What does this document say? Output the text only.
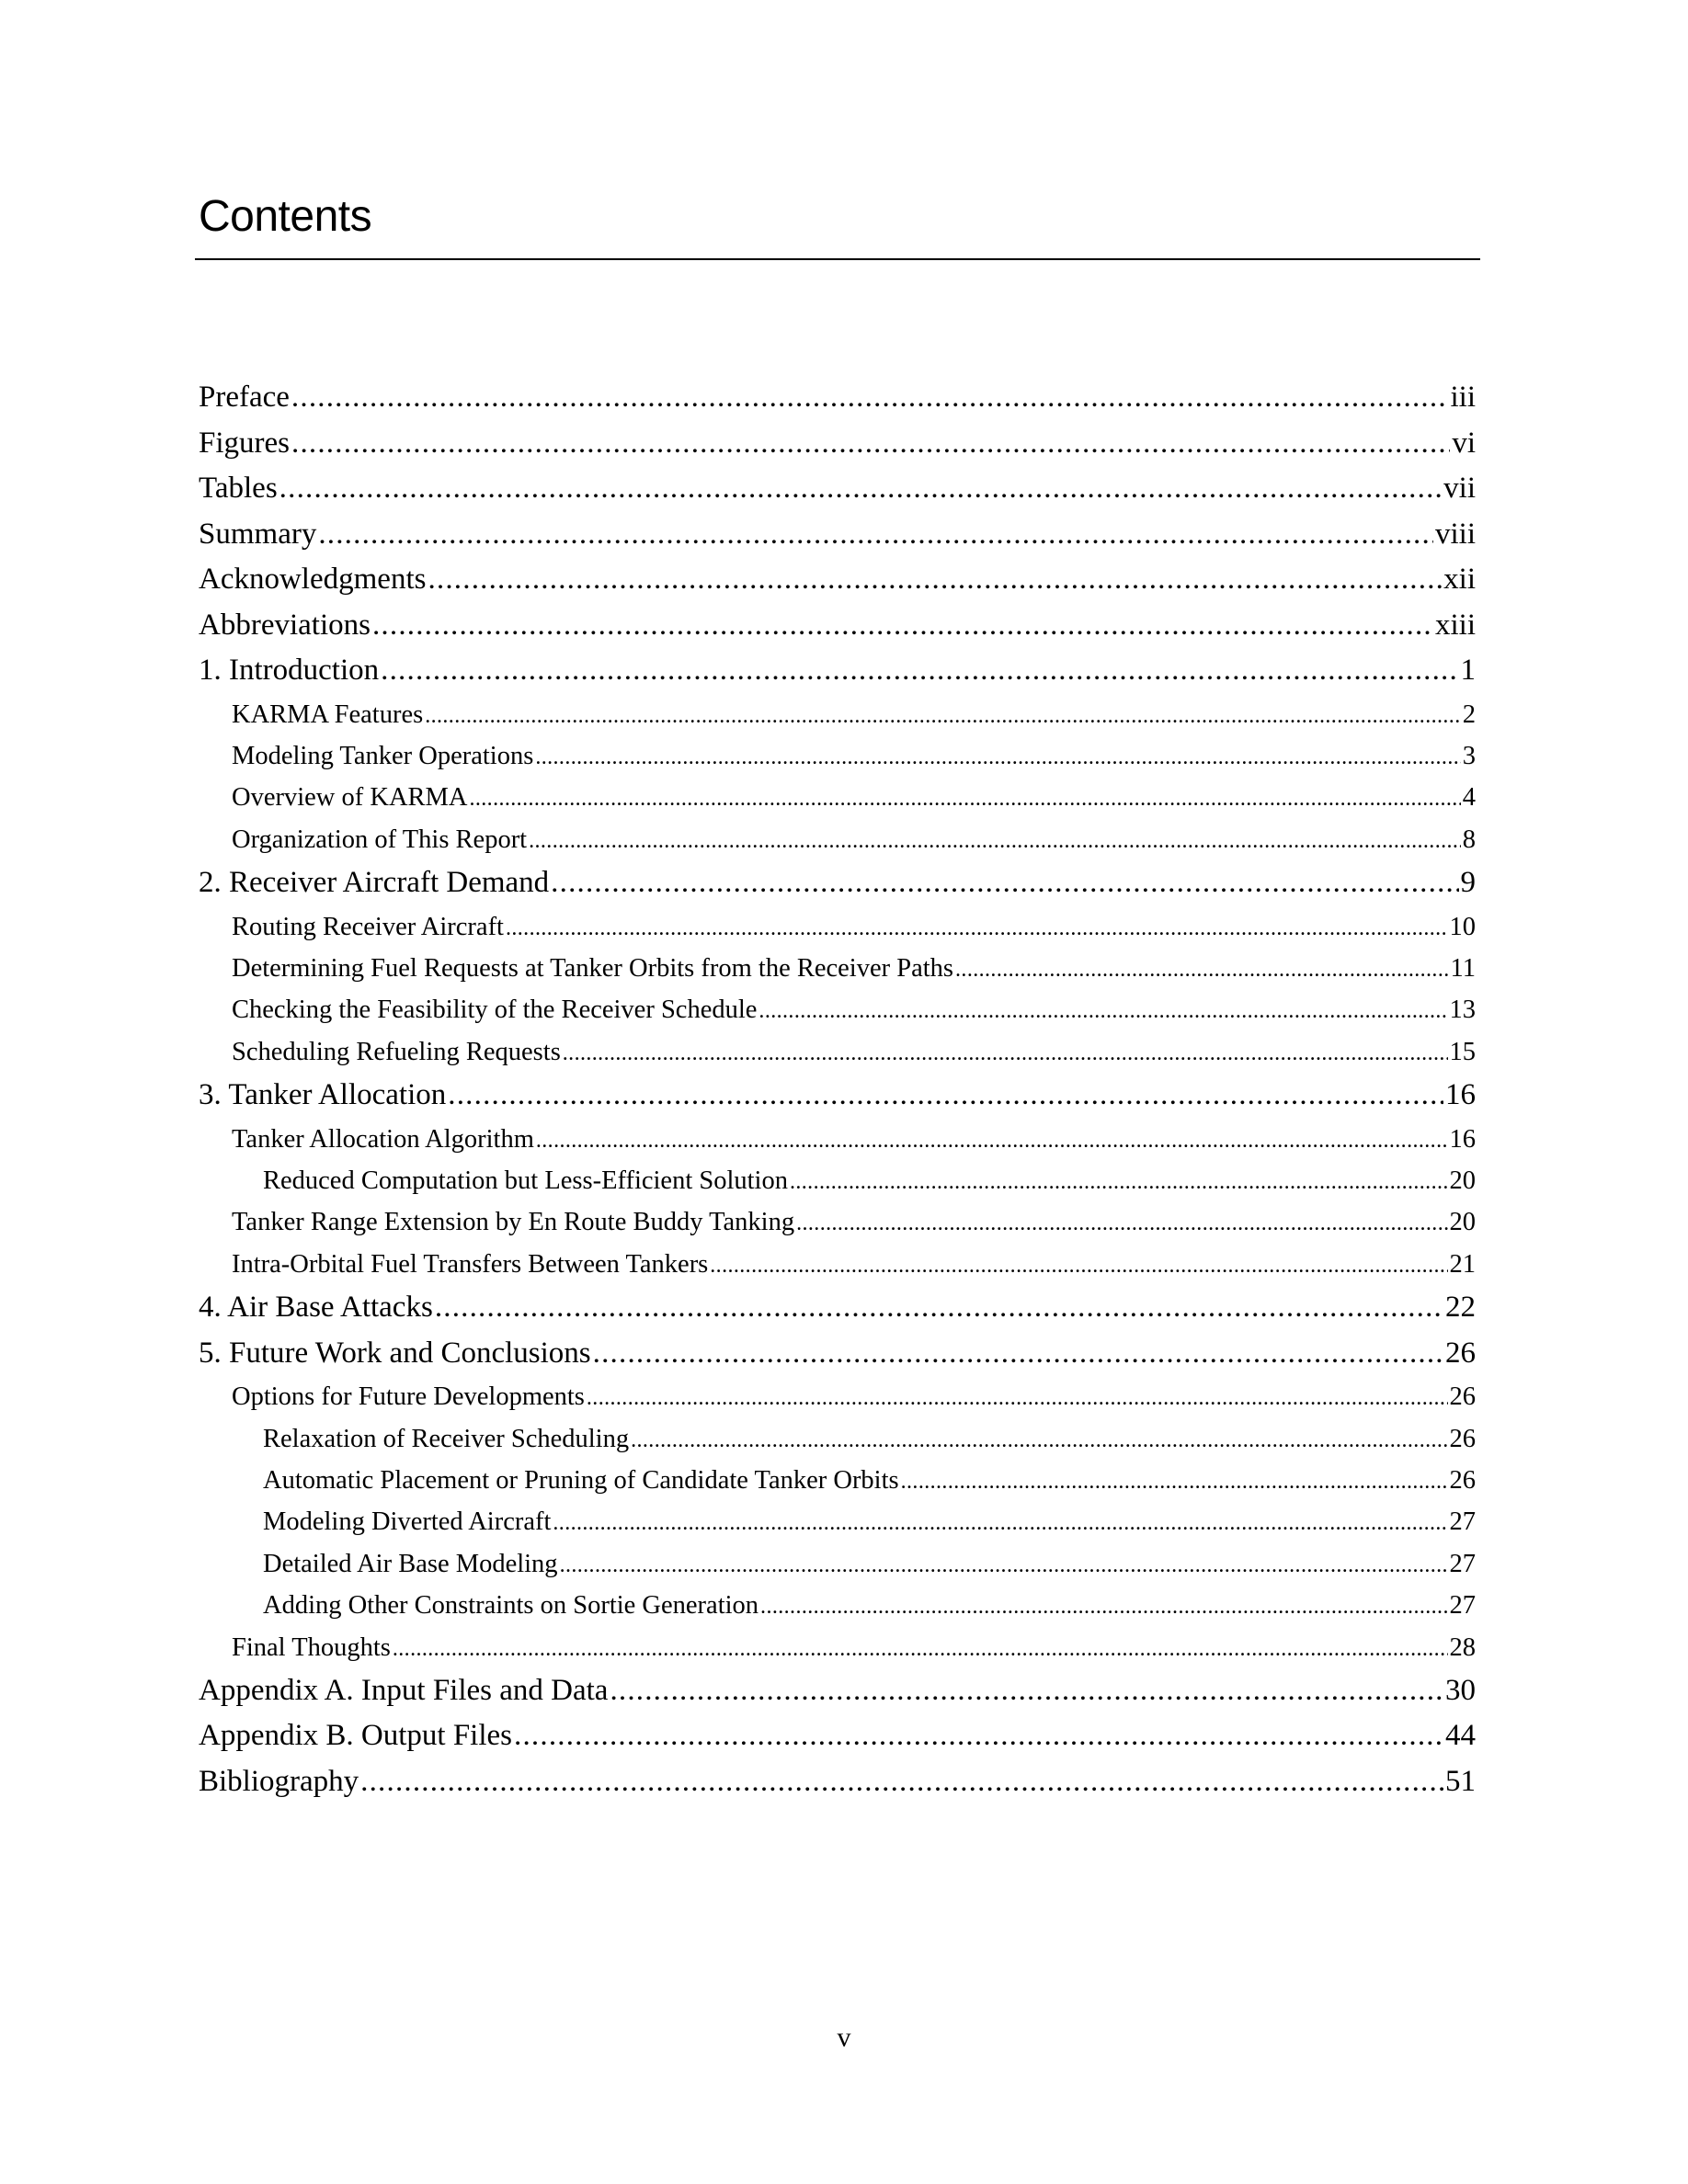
Contents
Preface .....	iii
Figures .....	vi
Tables .....	vii
Summary .....	viii
Acknowledgments .....	xii
Abbreviations .....	xiii
1. Introduction .....	1
KARMA Features .....	2
Modeling Tanker Operations .....	3
Overview of KARMA .....	4
Organization of This Report .....	8
2. Receiver Aircraft Demand .....	9
Routing Receiver Aircraft .....	10
Determining Fuel Requests at Tanker Orbits from the Receiver Paths .....	11
Checking the Feasibility of the Receiver Schedule .....	13
Scheduling Refueling Requests .....	15
3. Tanker Allocation .....	16
Tanker Allocation Algorithm .....	16
Reduced Computation but Less-Efficient Solution .....	20
Tanker Range Extension by En Route Buddy Tanking .....	20
Intra-Orbital Fuel Transfers Between Tankers .....	21
4. Air Base Attacks .....	22
5. Future Work and Conclusions .....	26
Options for Future Developments .....	26
Relaxation of Receiver Scheduling .....	26
Automatic Placement or Pruning of Candidate Tanker Orbits .....	26
Modeling Diverted Aircraft .....	27
Detailed Air Base Modeling .....	27
Adding Other Constraints on Sortie Generation .....	27
Final Thoughts .....	28
Appendix A. Input Files and Data .....	30
Appendix B. Output Files .....	44
Bibliography .....	51
v
